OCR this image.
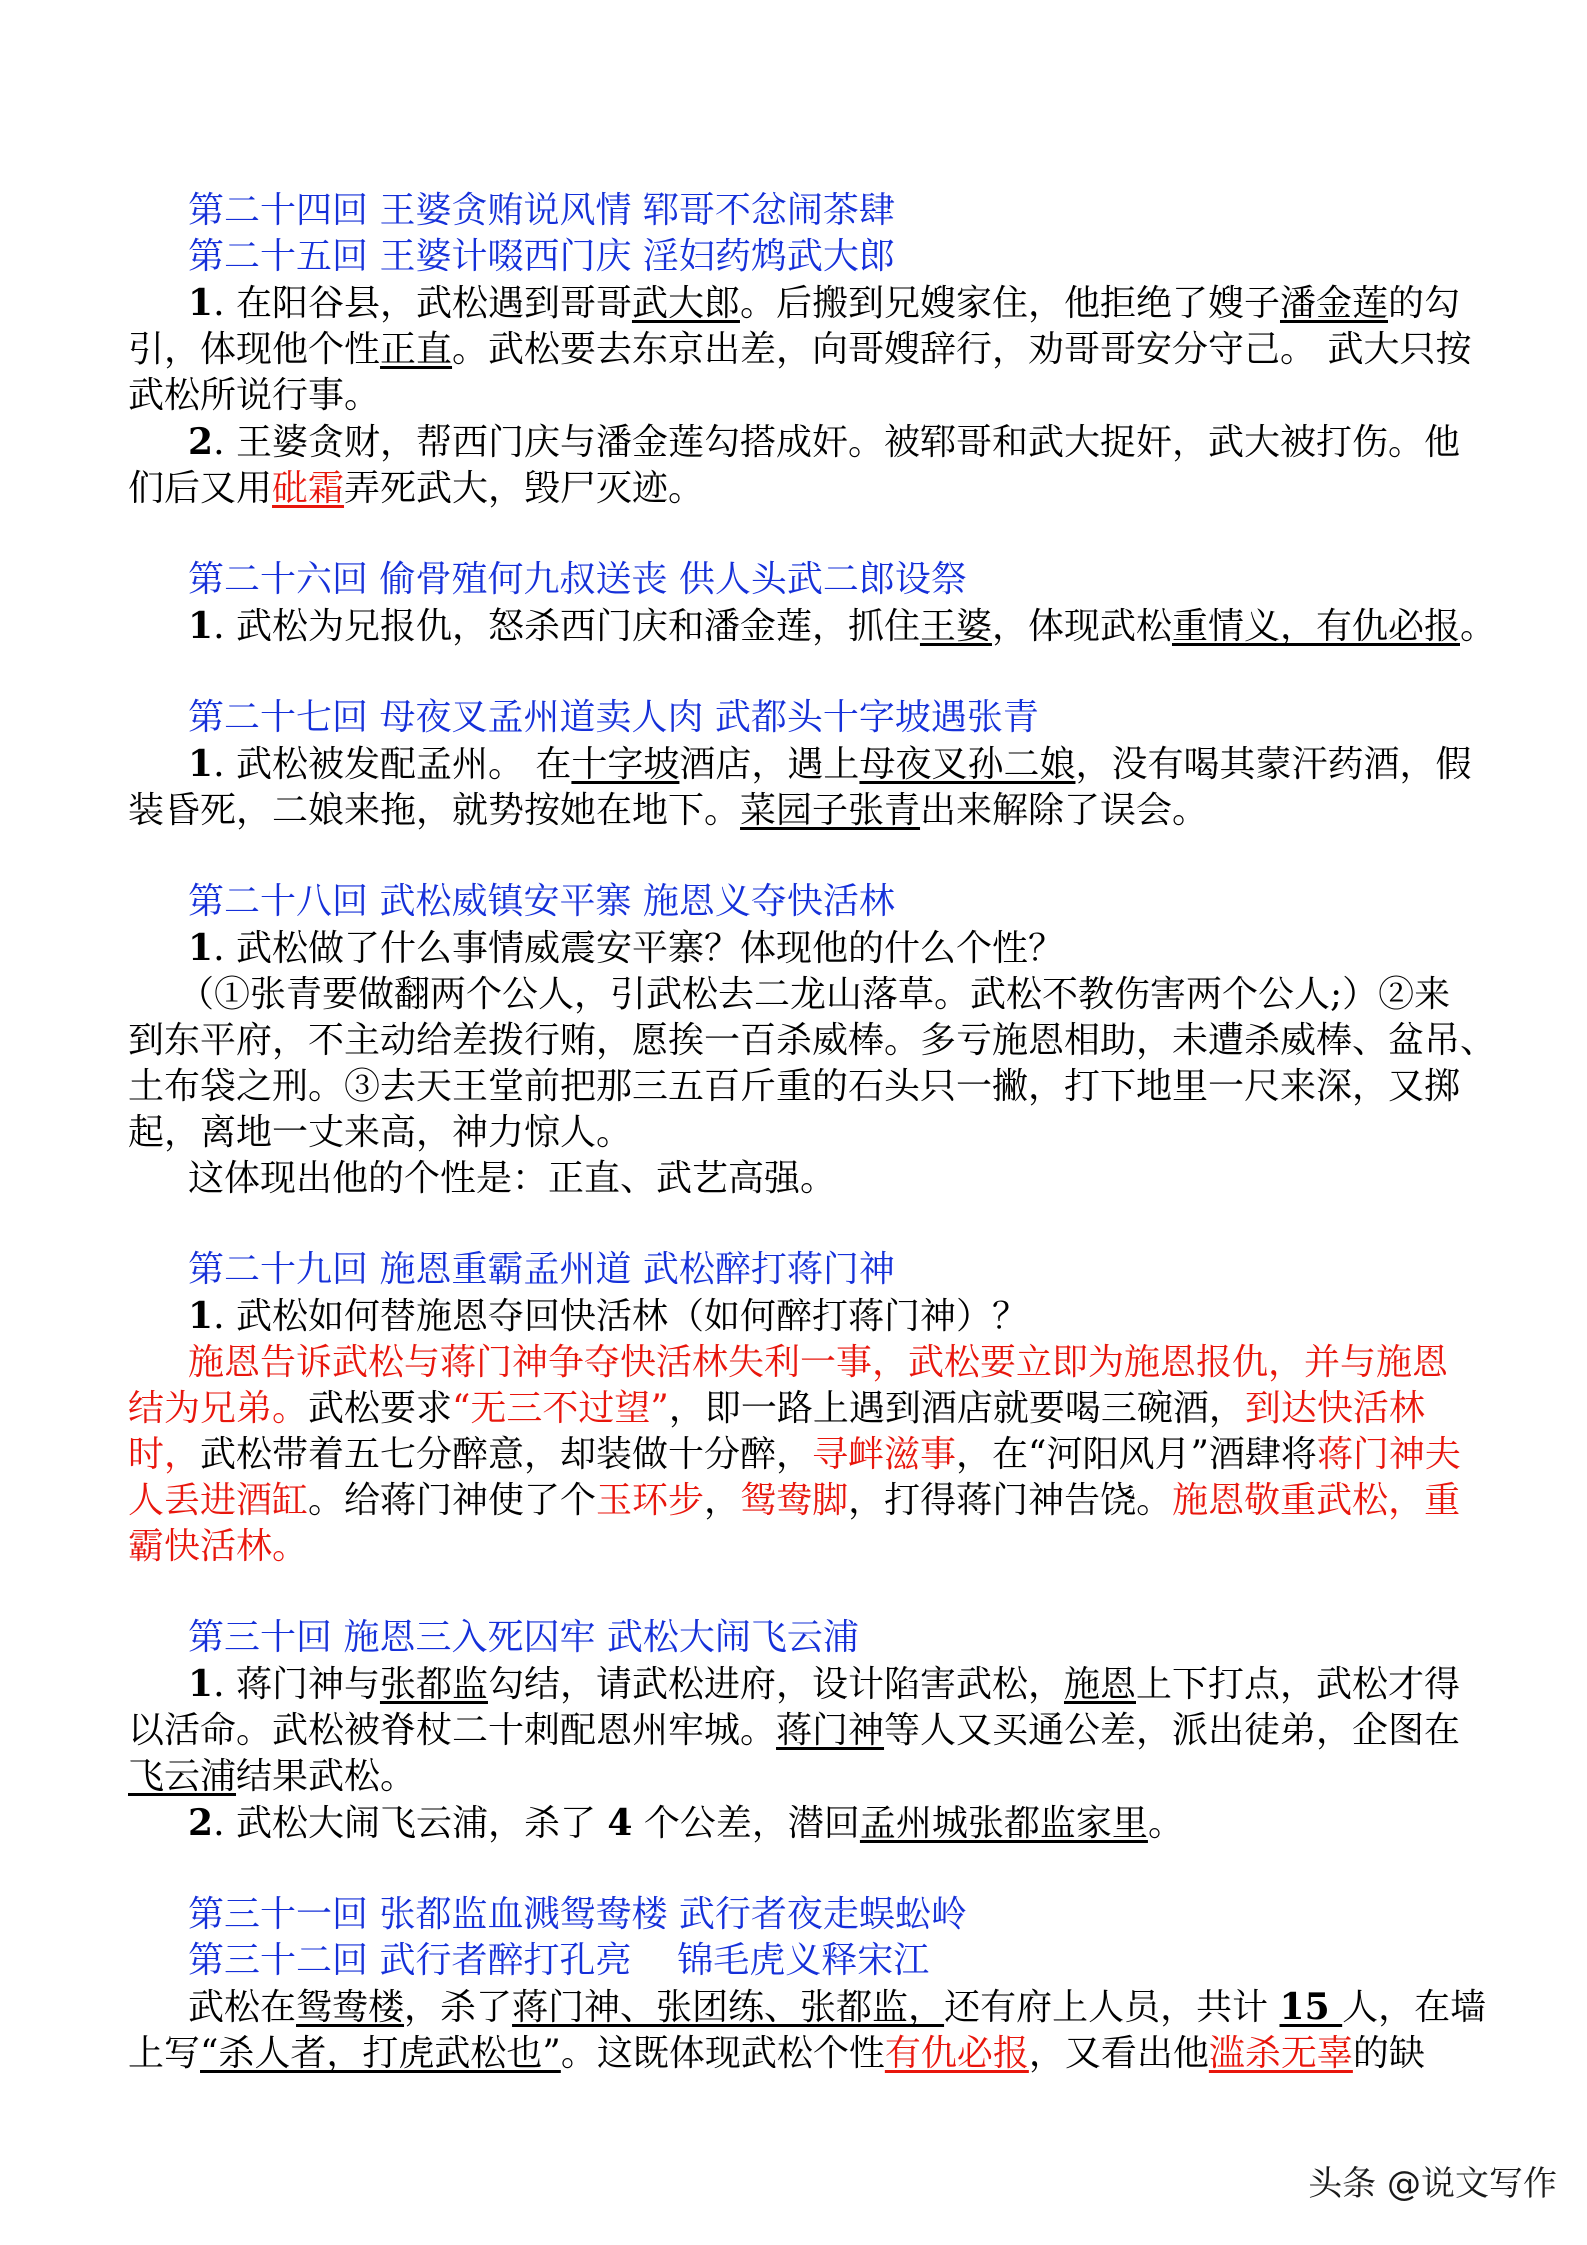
第二十四回 王婆贪贿说风情 郓哥不忿闹茶肆

第二十五回 王婆计啜西门庆 淫妇药鸩武大郎

1. 在阳谷县，武松遇到哥哥武大郎。后搬到兄嫂家住，他拒绝了嫂子潘金莲的勾

引，体现他个性正直。武松要去东京出差，向哥嫂辞行，劝哥哥安分守己。 武大只按

武松所说行事。

2. 王婆贪财，帮西门庆与潘金莲勾搭成奸。被郓哥和武大捉奸，武大被打伤。他

们后又用砒霜弄死武大，毁尸灭迹。

第二十六回 偷骨殖何九叔送丧 供人头武二郎设祭

1. 武松为兄报仇，怒杀西门庆和潘金莲，抓住王婆，体现武松重情义，有仇必报。

第二十七回 母夜叉孟州道卖人肉 武都头十字坡遇张青

1. 武松被发配孟州。 在十字坡酒店，遇上母夜叉孙二娘，没有喝其蒙汗药酒，假

装昏死，二娘来拖，就势按她在地下。菜园子张青出来解除了误会。

第二十八回 武松威镇安平寨 施恩义夺快活林

1. 武松做了什么事情威震安平寨？体现他的什么个性？

（①张青要做翻两个公人，引武松去二龙山落草。武松不教伤害两个公人;）②来

到东平府，不主动给差拨行贿，愿挨一百杀威棒。多亏施恩相助，未遭杀威棒、盆吊、

土布袋之刑。③去天王堂前把那三五百斤重的石头只一撇，打下地里一尺来深，又掷

起，离地一丈来高，神力惊人。

这体现出他的个性是：正直、武艺高强。

第二十九回 施恩重霸孟州道 武松醉打蒋门神

1. 武松如何替施恩夺回快活林（如何醉打蒋门神）？

施恩告诉武松与蒋门神争夺快活林失利一事，武松要立即为施恩报仇，并与施恩

结为兄弟。武松要求“无三不过望”，即一路上遇到酒店就要喝三碗酒，到达快活林

时，武松带着五七分醉意，却装做十分醉，寻衅滋事，在“河阳风月”酒肆将蒋门神夫

人丢进酒缸。给蒋门神使了个玉环步，鸳鸯脚，打得蒋门神告饶。施恩敬重武松，重

霸快活林。

第三十回 施恩三入死囚牢 武松大闹飞云浦

1. 蒋门神与张都监勾结，请武松进府，设计陷害武松，施恩上下打点，武松才得

以活命。武松被脊杖二十刺配恩州牢城。蒋门神等人又买通公差，派出徒弟，企图在

飞云浦结果武松。

2. 武松大闹飞云浦，杀了 4 个公差，潜回孟州城张都监家里。

第三十一回 张都监血溅鸳鸯楼 武行者夜走蜈蚣岭

第三十二回 武行者醉打孔亮    锦毛虎义释宋江

武松在鸳鸯楼，杀了蒋门神、张团练、张都监，还有府上人员，共计 15 人，在墙

上写“杀人者，打虎武松也”。这既体现武松个性有仇必报，又看出他滥杀无辜的缺

头条 @说文写作
